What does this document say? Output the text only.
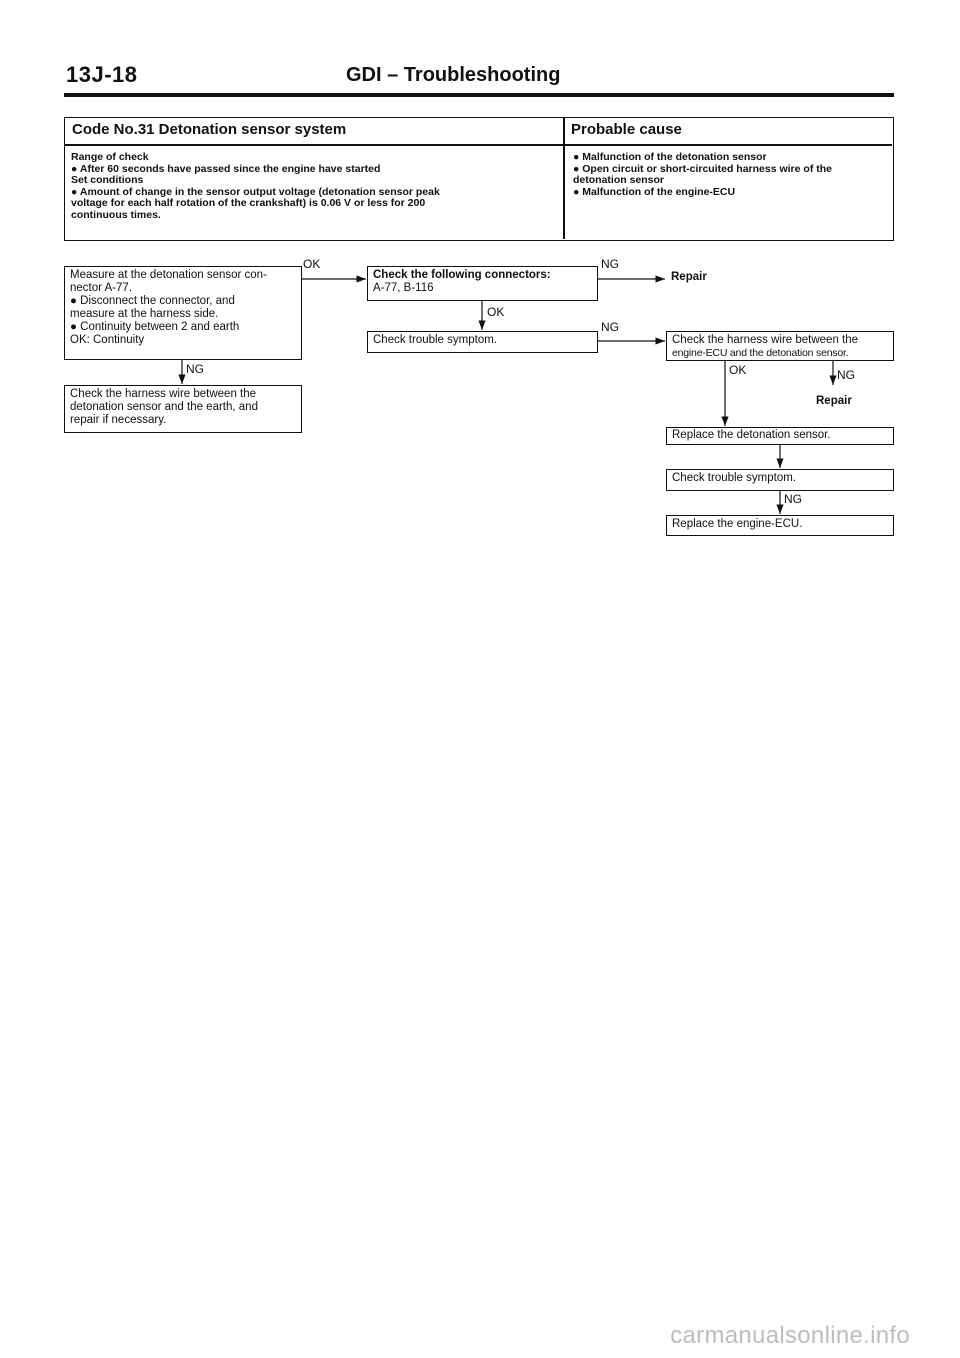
13J-18	GDI – Troubleshooting
Code No.31 Detonation sensor system	Probable cause
Range of check
● After 60 seconds have passed since the engine have started
Set conditions
● Amount of change in the sensor output voltage (detonation sensor peak
voltage for each half rotation of the crankshaft) is 0.06 V or less for 200
continuous times.
● Malfunction of the detonation sensor
● Open circuit or short-circuited harness wire of the
detonation sensor
● Malfunction of the engine-ECU
Measure at the detonation sensor con-
nector A-77.
● Disconnect the connector, and
measure at the harness side.
● Continuity between 2 and earth
OK: Continuity
Check the harness wire between the
detonation sensor and the earth, and
repair if necessary.
Check the following connectors:
A-77, B-116
Check trouble symptom.	Check the harness wire between the
engine-ECU and the detonation sensor.
Replace the detonation sensor.
Check trouble symptom.
Replace the engine-ECU.
Repair
Repair
OK
NG
NG
OK
NG
OK	NG
NG
carmanualsonline.info
